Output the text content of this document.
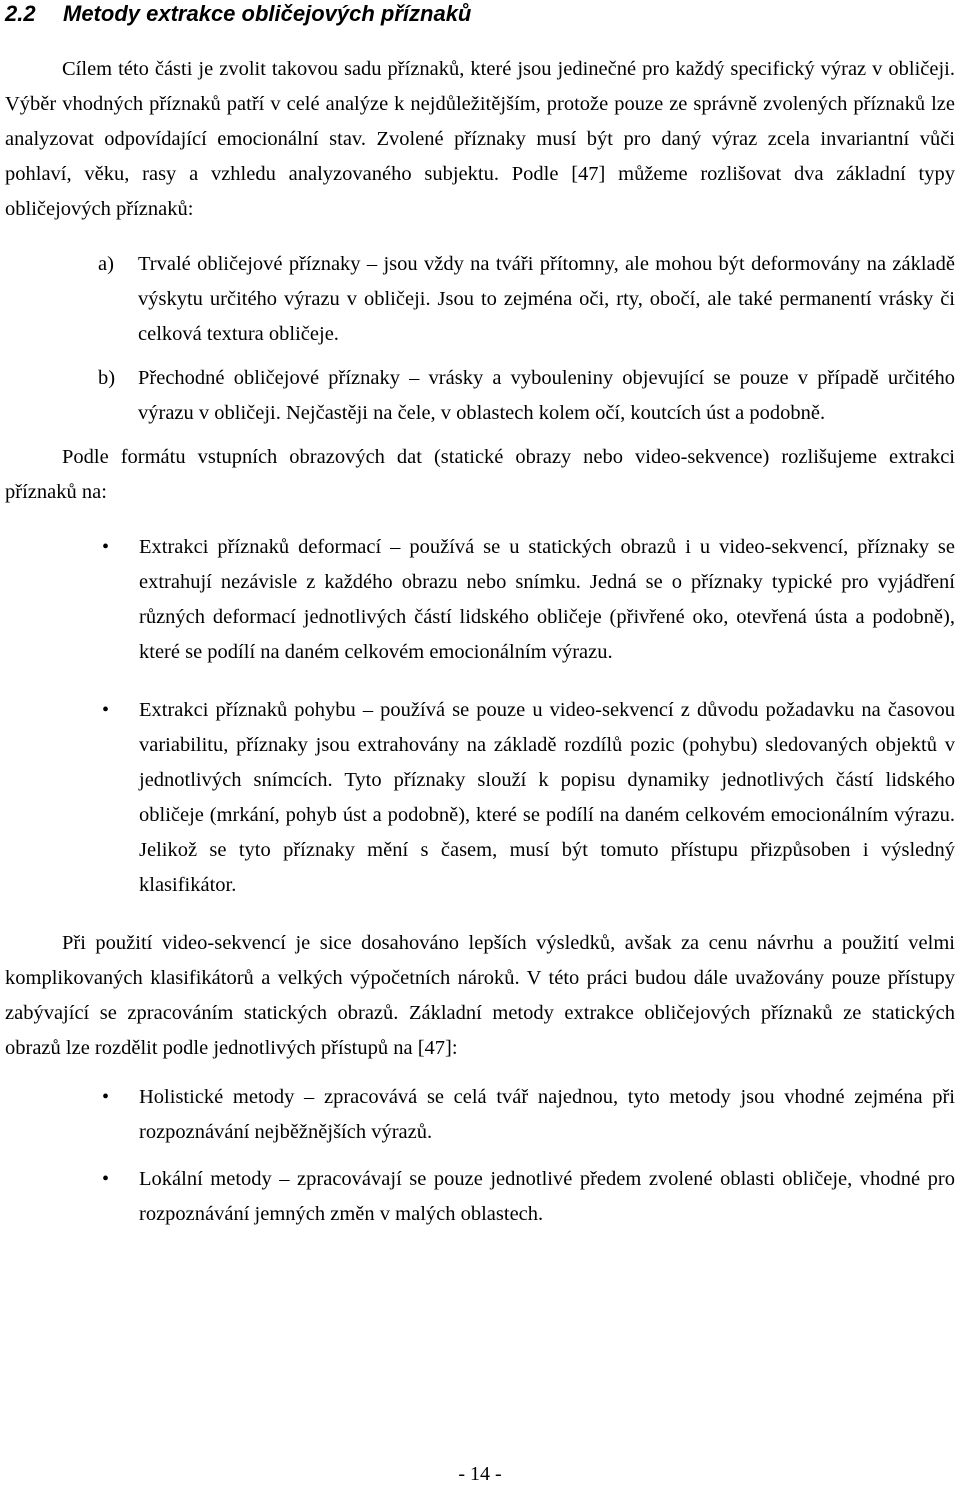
2.2	Metody extrakce obličejových příznaků

Cílem této části je zvolit takovou sadu příznaků, které jsou jedinečné pro každý specifický výraz v obličeji. Výběr vhodných příznaků patří v celé analýze k nejdůležitějším, protože pouze ze správně zvolených příznaků lze analyzovat odpovídající emocionální stav. Zvolené příznaky musí být pro daný výraz zcela invariantní vůči pohlaví, věku, rasy a vzhledu analyzovaného subjektu. Podle [47] můžeme rozlišovat dva základní typy obličejových příznaků:

a) Trvalé obličejové příznaky – jsou vždy na tváři přítomny, ale mohou být deformovány na základě výskytu určitého výrazu v obličeji. Jsou to zejména oči, rty, obočí, ale také permanentí vrásky či celková textura obličeje.
b) Přechodné obličejové příznaky – vrásky a vybouleniny objevující se pouze v případě určitého výrazu v obličeji. Nejčastěji na čele, v oblastech kolem očí, koutcích úst a podobně.

Podle formátu vstupních obrazových dat (statické obrazy nebo video-sekvence) rozlišujeme extrakci příznaků na:

• Extrakci příznaků deformací – používá se u statických obrazů i u video-sekvencí, příznaky se extrahují nezávisle z každého obrazu nebo snímku. Jedná se o příznaky typické pro vyjádření různých deformací jednotlivých částí lidského obličeje (přivřené oko, otevřená ústa a podobně), které se podílí na daném celkovém emocionálním výrazu.
• Extrakci příznaků pohybu – používá se pouze u video-sekvencí z důvodu požadavku na časovou variabilitu, příznaky jsou extrahovány na základě rozdílů pozic (pohybu) sledovaných objektů v jednotlivých snímcích. Tyto příznaky slouží k popisu dynamiky jednotlivých částí lidského obličeje (mrkání, pohyb úst a podobně), které se podílí na daném celkovém emocionálním výrazu. Jelikož se tyto příznaky mění s časem, musí být tomuto přístupu přizpůsoben i výsledný klasifikátor.

Při použití video-sekvencí je sice dosahováno lepších výsledků, avšak za cenu návrhu a použití velmi komplikovaných klasifikátorů a velkých výpočetních nároků. V této práci budou dále uvažovány pouze přístupy zabývající se zpracováním statických obrazů. Základní metody extrakce obličejových příznaků ze statických obrazů lze rozdělit podle jednotlivých přístupů na [47]:

• Holistické metody – zpracovává se celá tvář najednou, tyto metody jsou vhodné zejména při rozpoznávání nejběžnějších výrazů.
• Lokální metody – zpracovávají se pouze jednotlivé předem zvolené oblasti obličeje, vhodné pro rozpoznávání jemných změn v malých oblastech.
- 14 -
